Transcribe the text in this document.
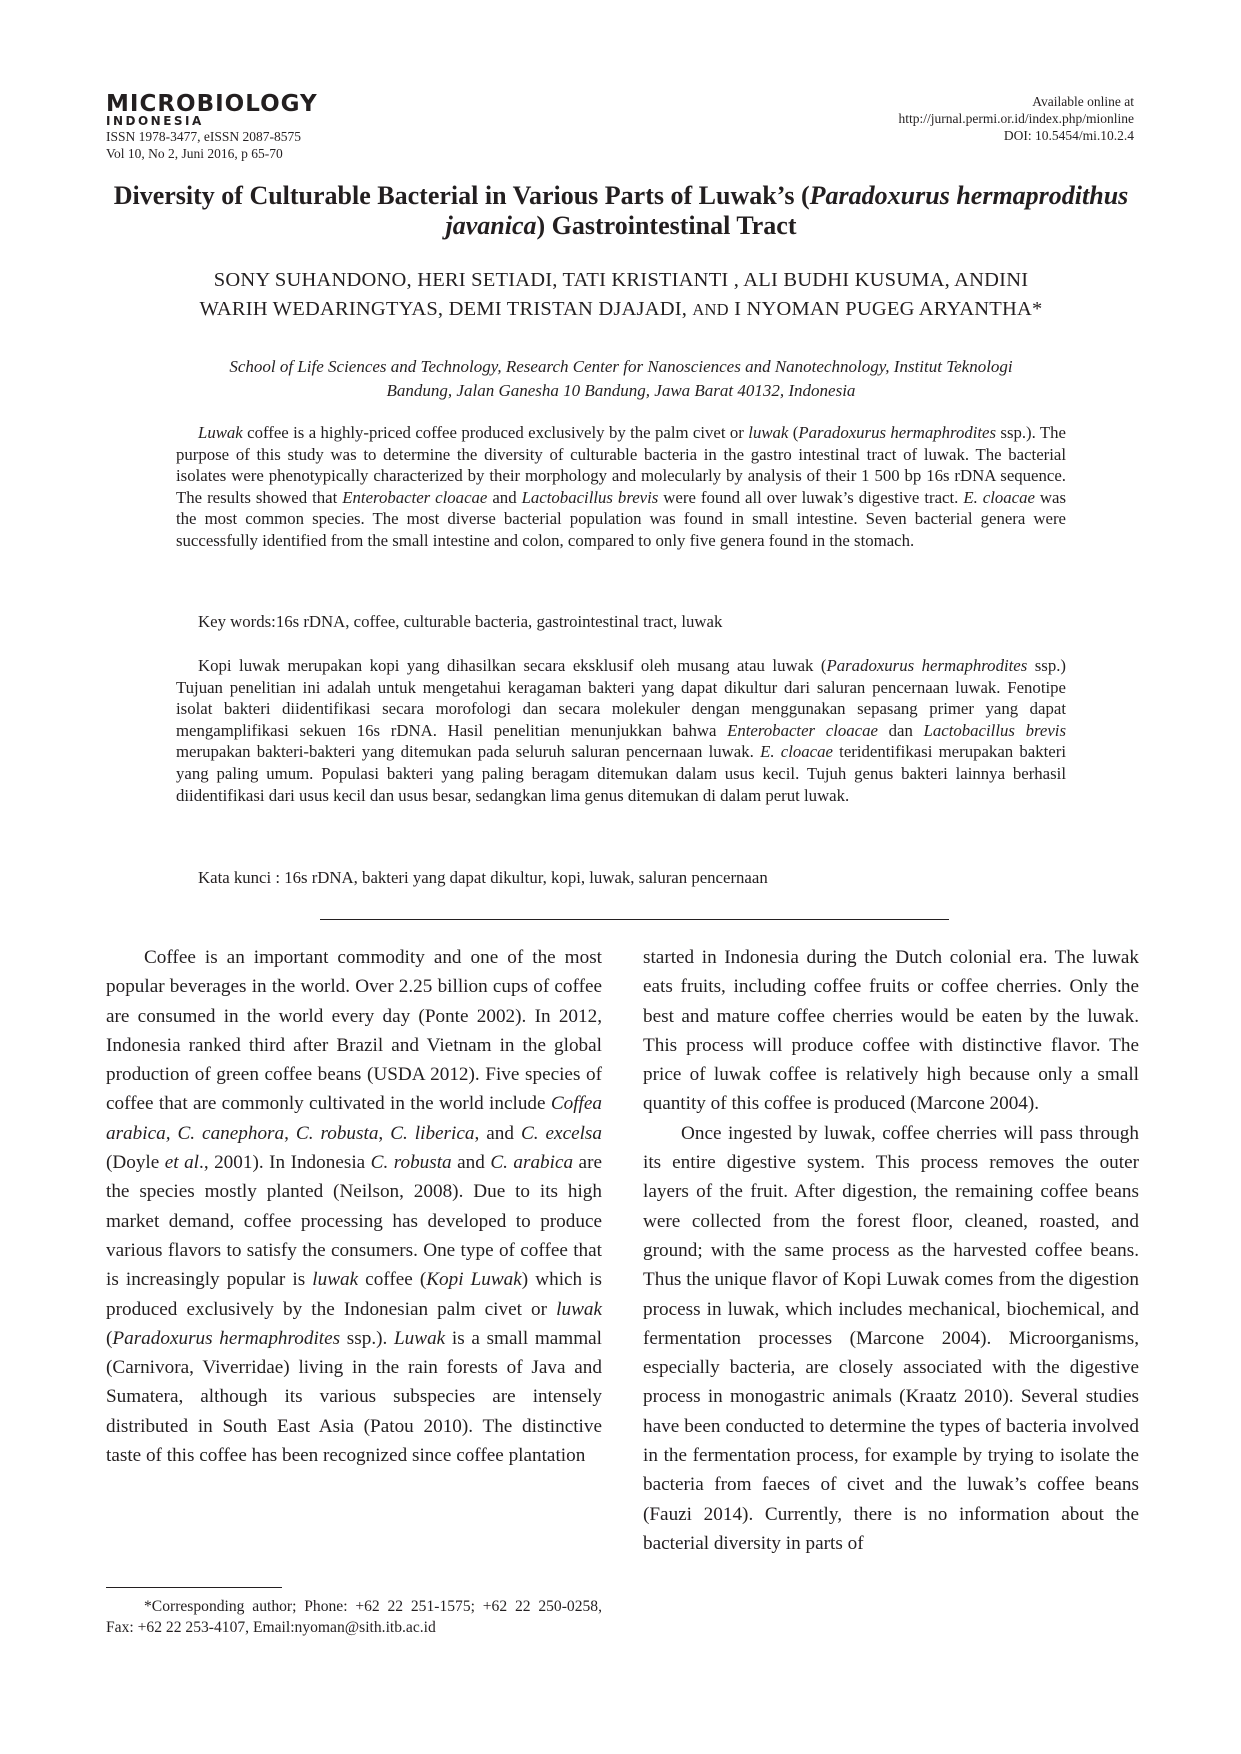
MICROBIOLOGY
INDONESIA
ISSN 1978-3477, eISSN 2087-8575
Vol 10, No 2, Juni 2016, p 65-70
Available online at
http://jurnal.permi.or.id/index.php/mionline
DOI: 10.5454/mi.10.2.4
Diversity of Culturable Bacterial in Various Parts of Luwak’s (Paradoxurus hermaprodithus javanica) Gastrointestinal Tract
SONY SUHANDONO, HERI SETIADI, TATI KRISTIANTI , ALI BUDHI KUSUMA, ANDINI
WARIH WEDARINGTYAS, DEMI TRISTAN DJAJADI, AND I NYOMAN PUGEG ARYANTHA*
School of Life Sciences and Technology, Research Center for Nanosciences and Nanotechnology, Institut Teknologi
Bandung, Jalan Ganesha 10 Bandung, Jawa Barat 40132, Indonesia

Luwak coffee is a highly-priced coffee produced exclusively by the palm civet or luwak (Paradoxurus hermaphrodites ssp.). The purpose of this study was to determine the diversity of culturable bacteria in the gastro intestinal tract of luwak. The bacterial isolates were phenotypically characterized by their morphology and molecularly by analysis of their 1 500 bp 16s rDNA sequence. The results showed that Enterobacter cloacae and Lactobacillus brevis were found all over luwak’s digestive tract. E. cloacae was the most common species. The most diverse bacterial population was found in small intestine. Seven bacterial genera were successfully identified from the small intestine and colon, compared to only five genera found in the stomach.

Key words:16s rDNA, coffee, culturable bacteria, gastrointestinal tract, luwak

Kopi luwak merupakan kopi yang dihasilkan secara eksklusif oleh musang atau luwak (Paradoxurus hermaphrodites ssp.) Tujuan penelitian ini adalah untuk mengetahui keragaman bakteri yang dapat dikultur dari saluran pencernaan luwak. Fenotipe isolat bakteri diidentifikasi secara morofologi dan secara molekuler dengan menggunakan sepasang primer yang dapat mengamplifikasi sekuen 16s rDNA. Hasil penelitian menunjukkan bahwa Enterobacter cloacae dan Lactobacillus brevis merupakan bakteri-bakteri yang ditemukan pada seluruh saluran pencernaan luwak. E. cloacae teridentifikasi merupakan bakteri yang paling umum. Populasi bakteri yang paling beragam ditemukan dalam usus kecil. Tujuh genus bakteri lainnya berhasil diidentifikasi dari usus kecil dan usus besar, sedangkan lima genus ditemukan di dalam perut luwak.

Kata kunci : 16s rDNA, bakteri yang dapat dikultur, kopi, luwak, saluran pencernaan

Coffee is an important commodity and one of the most popular beverages in the world. Over 2.25 billion cups of coffee are consumed in the world every day (Ponte 2002). In 2012, Indonesia ranked third after Brazil and Vietnam in the global production of green coffee beans (USDA 2012). Five species of coffee that are commonly cultivated in the world include Coffea arabica, C. canephora, C. robusta, C. liberica, and C. excelsa (Doyle et al., 2001). In Indonesia C. robusta and C. arabica are the species mostly planted (Neilson, 2008). Due to its high market demand, coffee processing has developed to produce various flavors to satisfy the consumers. One type of coffee that is increasingly popular is luwak coffee (Kopi Luwak) which is produced exclusively by the Indonesian palm civet or luwak (Paradoxurus hermaphrodites ssp.). Luwak is a small mammal (Carnivora, Viverridae) living in the rain forests of Java and Sumatera, although its various subspecies are intensely distributed in South East Asia (Patou 2010). The distinctive taste of this coffee has been recognized since coffee plantation

started in Indonesia during the Dutch colonial era. The luwak eats fruits, including coffee fruits or coffee cherries. Only the best and mature coffee cherries would be eaten by the luwak. This process will produce coffee with distinctive flavor. The price of luwak coffee is relatively high because only a small quantity of this coffee is produced (Marcone 2004).

Once ingested by luwak, coffee cherries will pass through its entire digestive system. This process removes the outer layers of the fruit. After digestion, the remaining coffee beans were collected from the forest floor, cleaned, roasted, and ground; with the same process as the harvested coffee beans. Thus the unique flavor of Kopi Luwak comes from the digestion process in luwak, which includes mechanical, biochemical, and fermentation processes (Marcone 2004). Microorganisms, especially bacteria, are closely associated with the digestive process in monogastric animals (Kraatz 2010). Several studies have been conducted to determine the types of bacteria involved in the fermentation process, for example by trying to isolate the bacteria from faeces of civet and the luwak’s coffee beans (Fauzi 2014). Currently, there is no information about the bacterial diversity in parts of

*Corresponding author; Phone: +62 22 251-1575; +62 22 250-0258, Fax: +62 22 253-4107, Email:nyoman@sith.itb.ac.id
